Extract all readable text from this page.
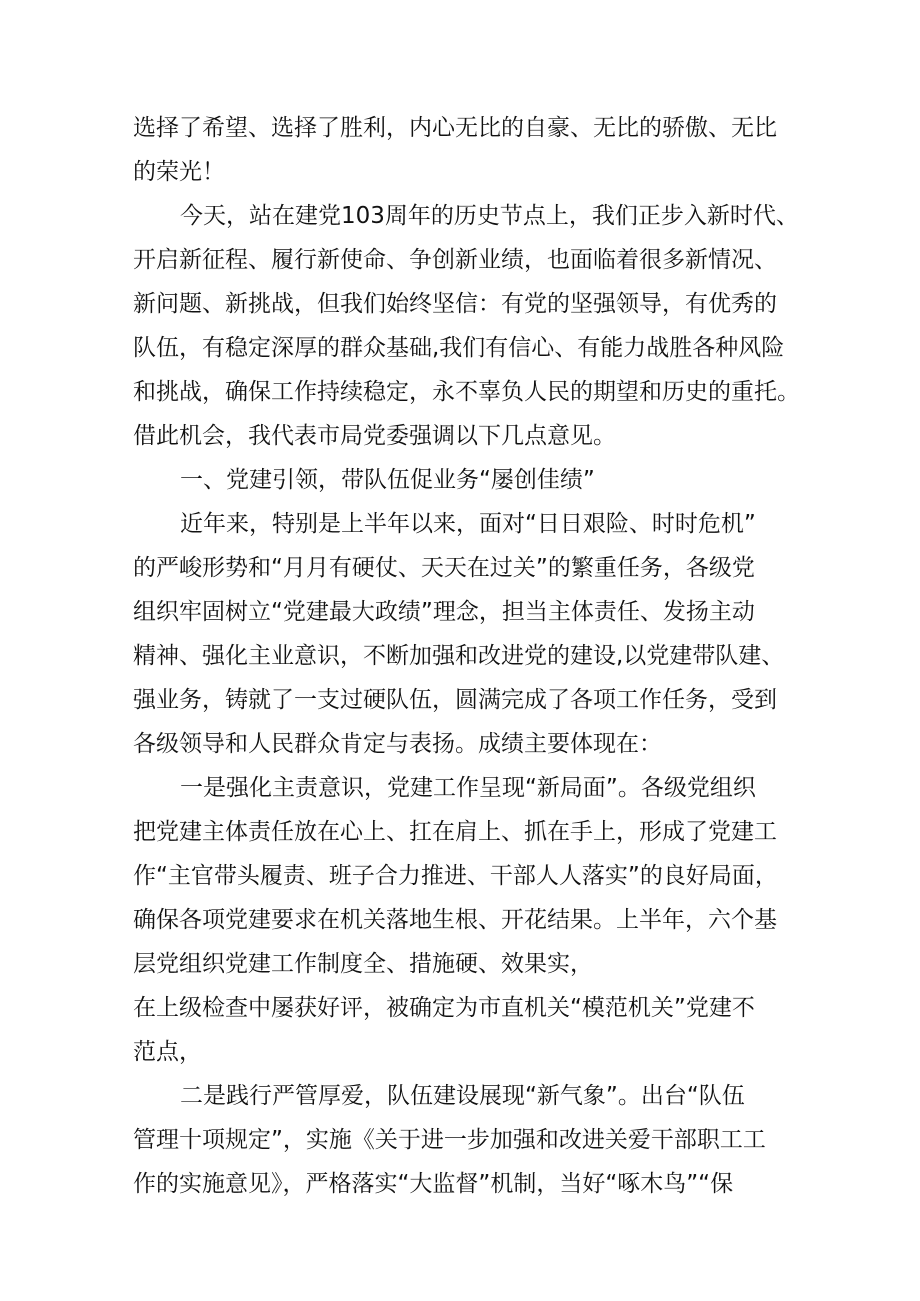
选择了希望、选择了胜利，内心无比的自豪、无比的骄傲、无比
的荣光！
今天，站在建党103周年的历史节点上，我们正步入新时代、
开启新征程、履行新使命、争创新业绩，也面临着很多新情况、
新问题、新挑战，但我们始终坚信：有党的坚强领导，有优秀的
队伍，有稳定深厚的群众基础,我们有信心、有能力战胜各种风险
和挑战，确保工作持续稳定，永不辜负人民的期望和历史的重托。
借此机会，我代表市局党委强调以下几点意见。
一、党建引领，带队伍促业务“屡创佳绩”
近年来，特别是上半年以来，面对“日日艰险、时时危机”
的严峻形势和“月月有硬仗、天天在过关”的繁重任务，各级党
组织牢固树立“党建最大政绩”理念，担当主体责任、发扬主动
精神、强化主业意识，不断加强和改进党的建设,以党建带队建、
强业务，铸就了一支过硬队伍，圆满完成了各项工作任务，受到
各级领导和人民群众肯定与表扬。成绩主要体现在：
一是强化主责意识，党建工作呈现“新局面”。各级党组织
把党建主体责任放在心上、扛在肩上、抓在手上，形成了党建工
作“主官带头履责、班子合力推进、干部人人落实”的良好局面，
确保各项党建要求在机关落地生根、开花结果。上半年，六个基
层党组织党建工作制度全、措施硬、效果实，
在上级检查中屡获好评，被确定为市直机关“模范机关”党建不
范点，
二是践行严管厚爱，队伍建设展现“新气象”。出台“队伍
管理十项规定”，实施《关于进一步加强和改进关爱干部职工工
作的实施意见》，严格落实“大监督”机制，当好“啄木鸟”“保
